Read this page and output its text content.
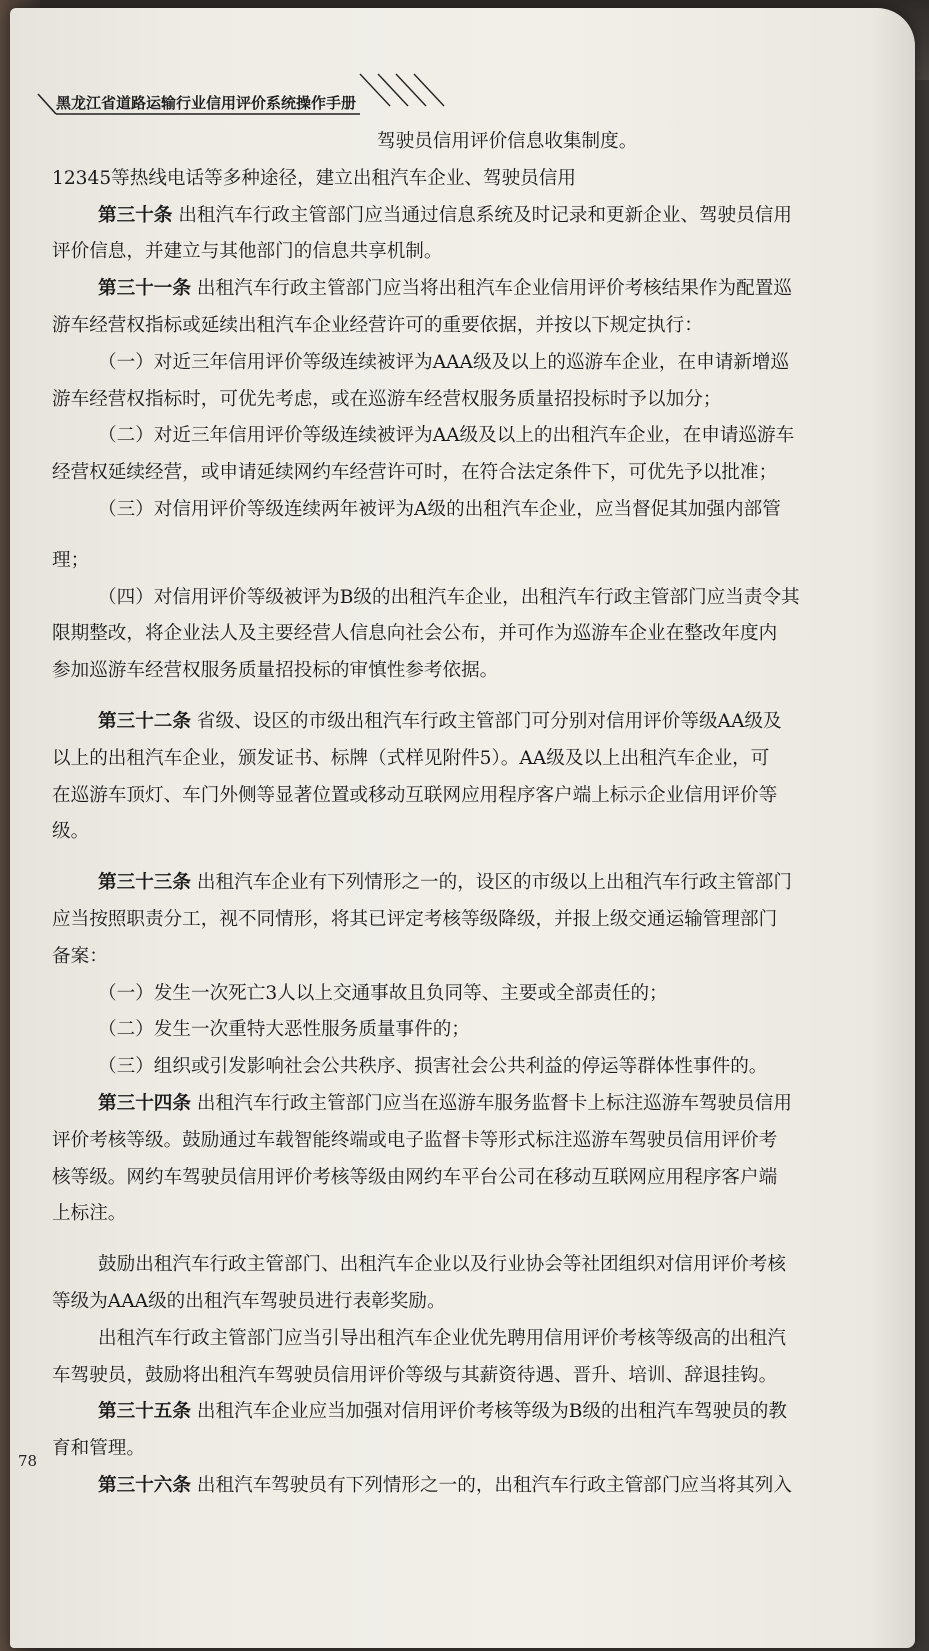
黑龙江省道路运输行业信用评价系统操作手册
驾驶员信用评价信息收集制度。
12345等热线电话等多种途径，建立出租汽车企业、驾驶员信用
第三十条 出租汽车行政主管部门应当通过信息系统及时记录和更新企业、驾驶员信用
评价信息，并建立与其他部门的信息共享机制。
第三十一条 出租汽车行政主管部门应当将出租汽车企业信用评价考核结果作为配置巡
游车经营权指标或延续出租汽车企业经营许可的重要依据，并按以下规定执行：
（一）对近三年信用评价等级连续被评为AAA级及以上的巡游车企业，在申请新增巡
游车经营权指标时，可优先考虑，或在巡游车经营权服务质量招投标时予以加分；
（二）对近三年信用评价等级连续被评为AA级及以上的出租汽车企业，在申请巡游车
经营权延续经营，或申请延续网约车经营许可时，在符合法定条件下，可优先予以批准；
（三）对信用评价等级连续两年被评为A级的出租汽车企业，应当督促其加强内部管
理；
（四）对信用评价等级被评为B级的出租汽车企业，出租汽车行政主管部门应当责令其
限期整改，将企业法人及主要经营人信息向社会公布，并可作为巡游车企业在整改年度内
参加巡游车经营权服务质量招投标的审慎性参考依据。
第三十二条 省级、设区的市级出租汽车行政主管部门可分别对信用评价等级AA级及
以上的出租汽车企业，颁发证书、标牌（式样见附件5）。AA级及以上出租汽车企业，可
在巡游车顶灯、车门外侧等显著位置或移动互联网应用程序客户端上标示企业信用评价等
级。
第三十三条 出租汽车企业有下列情形之一的，设区的市级以上出租汽车行政主管部门
应当按照职责分工，视不同情形，将其已评定考核等级降级，并报上级交通运输管理部门
备案：
（一）发生一次死亡3人以上交通事故且负同等、主要或全部责任的；
（二）发生一次重特大恶性服务质量事件的；
（三）组织或引发影响社会公共秩序、损害社会公共利益的停运等群体性事件的。
第三十四条 出租汽车行政主管部门应当在巡游车服务监督卡上标注巡游车驾驶员信用
评价考核等级。鼓励通过车载智能终端或电子监督卡等形式标注巡游车驾驶员信用评价考
核等级。网约车驾驶员信用评价考核等级由网约车平台公司在移动互联网应用程序客户端
上标注。
鼓励出租汽车行政主管部门、出租汽车企业以及行业协会等社团组织对信用评价考核
等级为AAA级的出租汽车驾驶员进行表彰奖励。
出租汽车行政主管部门应当引导出租汽车企业优先聘用信用评价考核等级高的出租汽
车驾驶员，鼓励将出租汽车驾驶员信用评价等级与其薪资待遇、晋升、培训、辞退挂钩。
第三十五条 出租汽车企业应当加强对信用评价考核等级为B级的出租汽车驾驶员的教
育和管理。
第三十六条 出租汽车驾驶员有下列情形之一的，出租汽车行政主管部门应当将其列入
78
